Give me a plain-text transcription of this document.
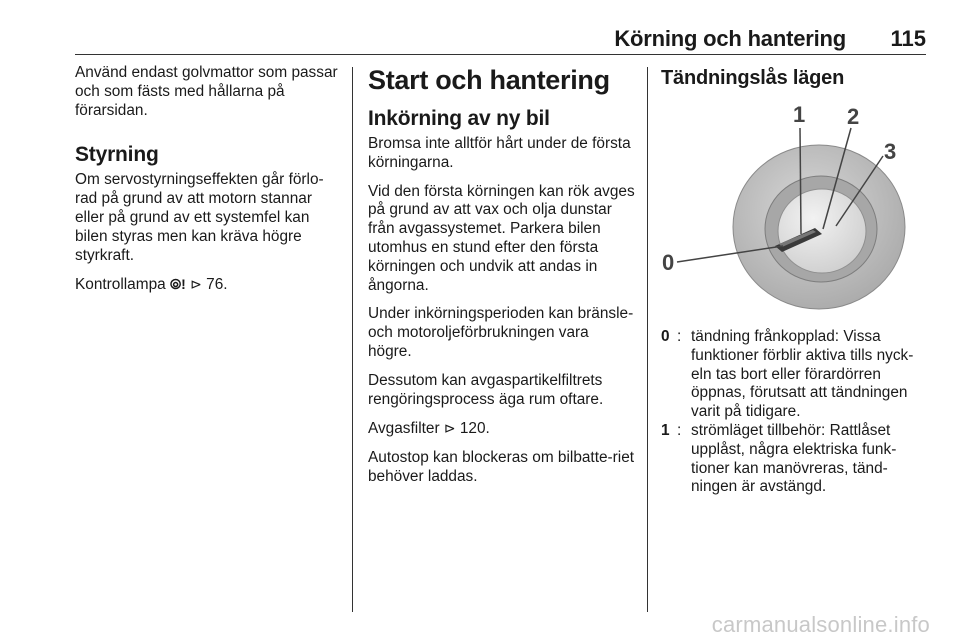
Körning och hantering	115

Använd endast golvmattor som passar och som fästs med hållarna på förarsidan.

Styrning

Om servostyrningseffekten går förlo-rad på grund av att motorn stannar eller på grund av ett systemfel kan bilen styras men kan kräva högre styrkraft.

Kontrollampa ⦾! ⊳ 76.

Start och hantering
Inkörning av ny bil

Bromsa inte alltför hårt under de första körningarna.

Vid den första körningen kan rök avges på grund av att vax och olja dunstar från avgassystemet. Parkera bilen utomhus en stund efter den första körningen och undvik att andas in ångorna.

Under inkörningsperioden kan bränsle- och motoroljeförbrukningen vara högre.

Dessutom kan avgaspartikelfiltrets rengöringsprocess äga rum oftare.

Avgasfilter ⊳ 120.

Autostop kan blockeras om bilbatte-riet behöver laddas.

Tändningslås lägen
0
1 2
3
0 : tändning frånkopplad: Vissa funktioner förblir aktiva tills nyck-eln tas bort eller förardörren öppnas, förutsatt att tändningen varit på tidigare.
1 : strömläget tillbehör: Rattlåset upplåst, några elektriska funk-tioner kan manövreras, tänd-ningen är avstängd.
carmanualsonline.info
